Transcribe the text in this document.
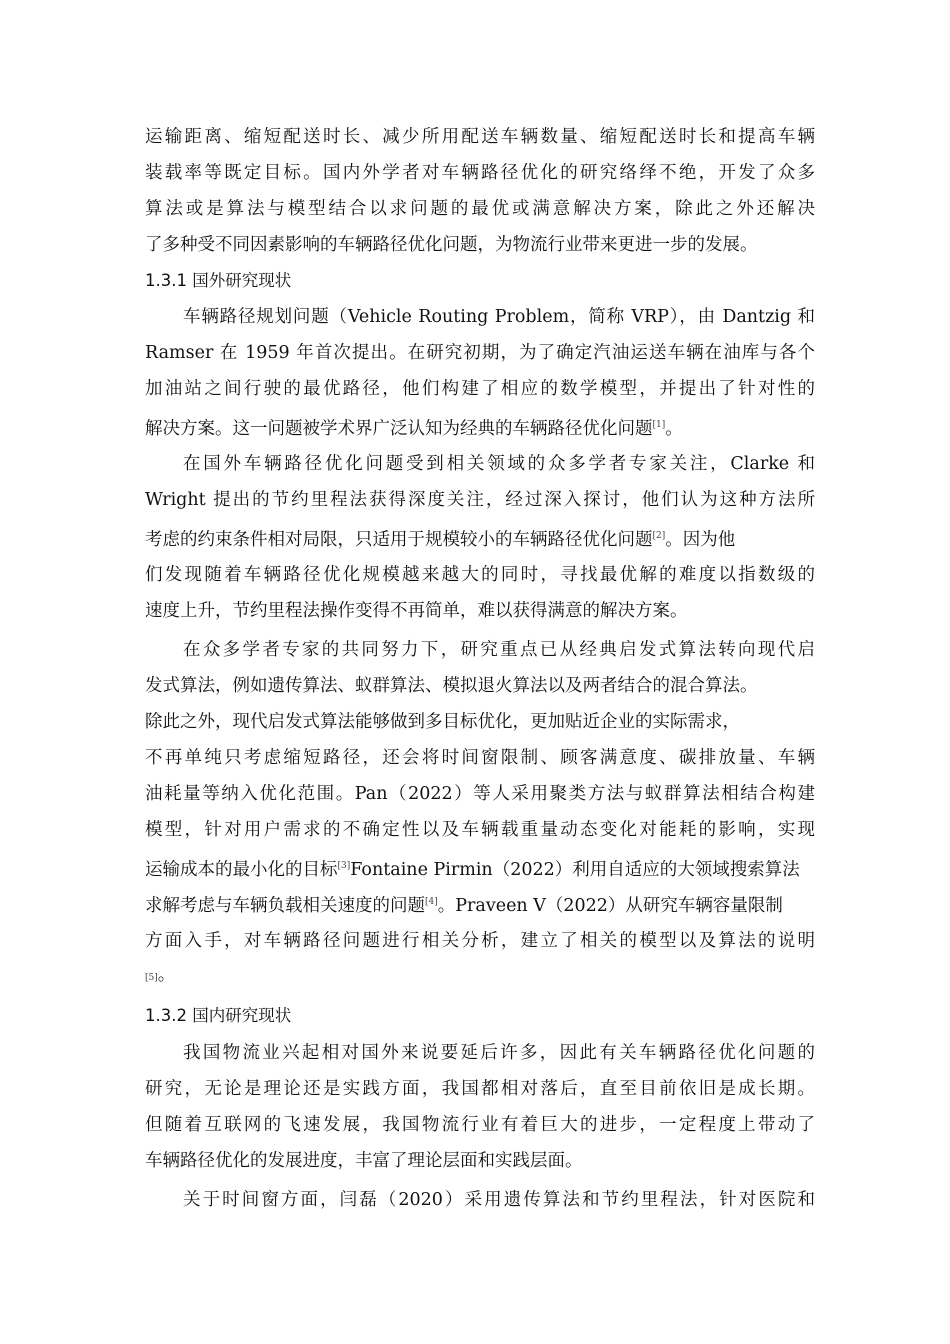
运输距离、缩短配送时长、减少所用配送车辆数量、缩短配送时长和提高车辆
装载率等既定目标。国内外学者对车辆路径优化的研究络绎不绝，开发了众多
算法或是算法与模型结合以求问题的最优或满意解决方案，除此之外还解决
了多种受不同因素影响的车辆路径优化问题，为物流行业带来更进一步的发展。
1.3.1 国外研究现状
车辆路径规划问题（Vehicle Routing Problem，简称 VRP），由 Dantzig 和
Ramser 在 1959 年首次提出。在研究初期，为了确定汽油运送车辆在油库与各个
加油站之间行驶的最优路径，他们构建了相应的数学模型，并提出了针对性的
解决方案。这一问题被学术界广泛认知为经典的车辆路径优化问题[1]。
在国外车辆路径优化问题受到相关领域的众多学者专家关注，Clarke 和
Wright 提出的节约里程法获得深度关注，经过深入探讨，他们认为这种方法所
考虑的约束条件相对局限，只适用于规模较小的车辆路径优化问题[2]。因为他
们发现随着车辆路径优化规模越来越大的同时，寻找最优解的难度以指数级的
速度上升，节约里程法操作变得不再简单，难以获得满意的解决方案。
在众多学者专家的共同努力下，研究重点已从经典启发式算法转向现代启
发式算法，例如遗传算法、蚁群算法、模拟退火算法以及两者结合的混合算法。
除此之外，现代启发式算法能够做到多目标优化，更加贴近企业的实际需求，
不再单纯只考虑缩短路径，还会将时间窗限制、顾客满意度、碳排放量、车辆
油耗量等纳入优化范围。Pan（2022）等人采用聚类方法与蚁群算法相结合构建
模型，针对用户需求的不确定性以及车辆载重量动态变化对能耗的影响，实现
运输成本的最小化的目标[3]Fontaine Pirmin（2022）利用自适应的大领域搜索算法
求解考虑与车辆负载相关速度的问题[4]。Praveen V（2022）从研究车辆容量限制
方面入手，对车辆路径问题进行相关分析，建立了相关的模型以及算法的说明
[5]。
1.3.2 国内研究现状
我国物流业兴起相对国外来说要延后许多，因此有关车辆路径优化问题的
研究，无论是理论还是实践方面，我国都相对落后，直至目前依旧是成长期。
但随着互联网的飞速发展，我国物流行业有着巨大的进步，一定程度上带动了
车辆路径优化的发展进度，丰富了理论层面和实践层面。
关于时间窗方面，闫磊（2020）采用遗传算法和节约里程法，针对医院和
